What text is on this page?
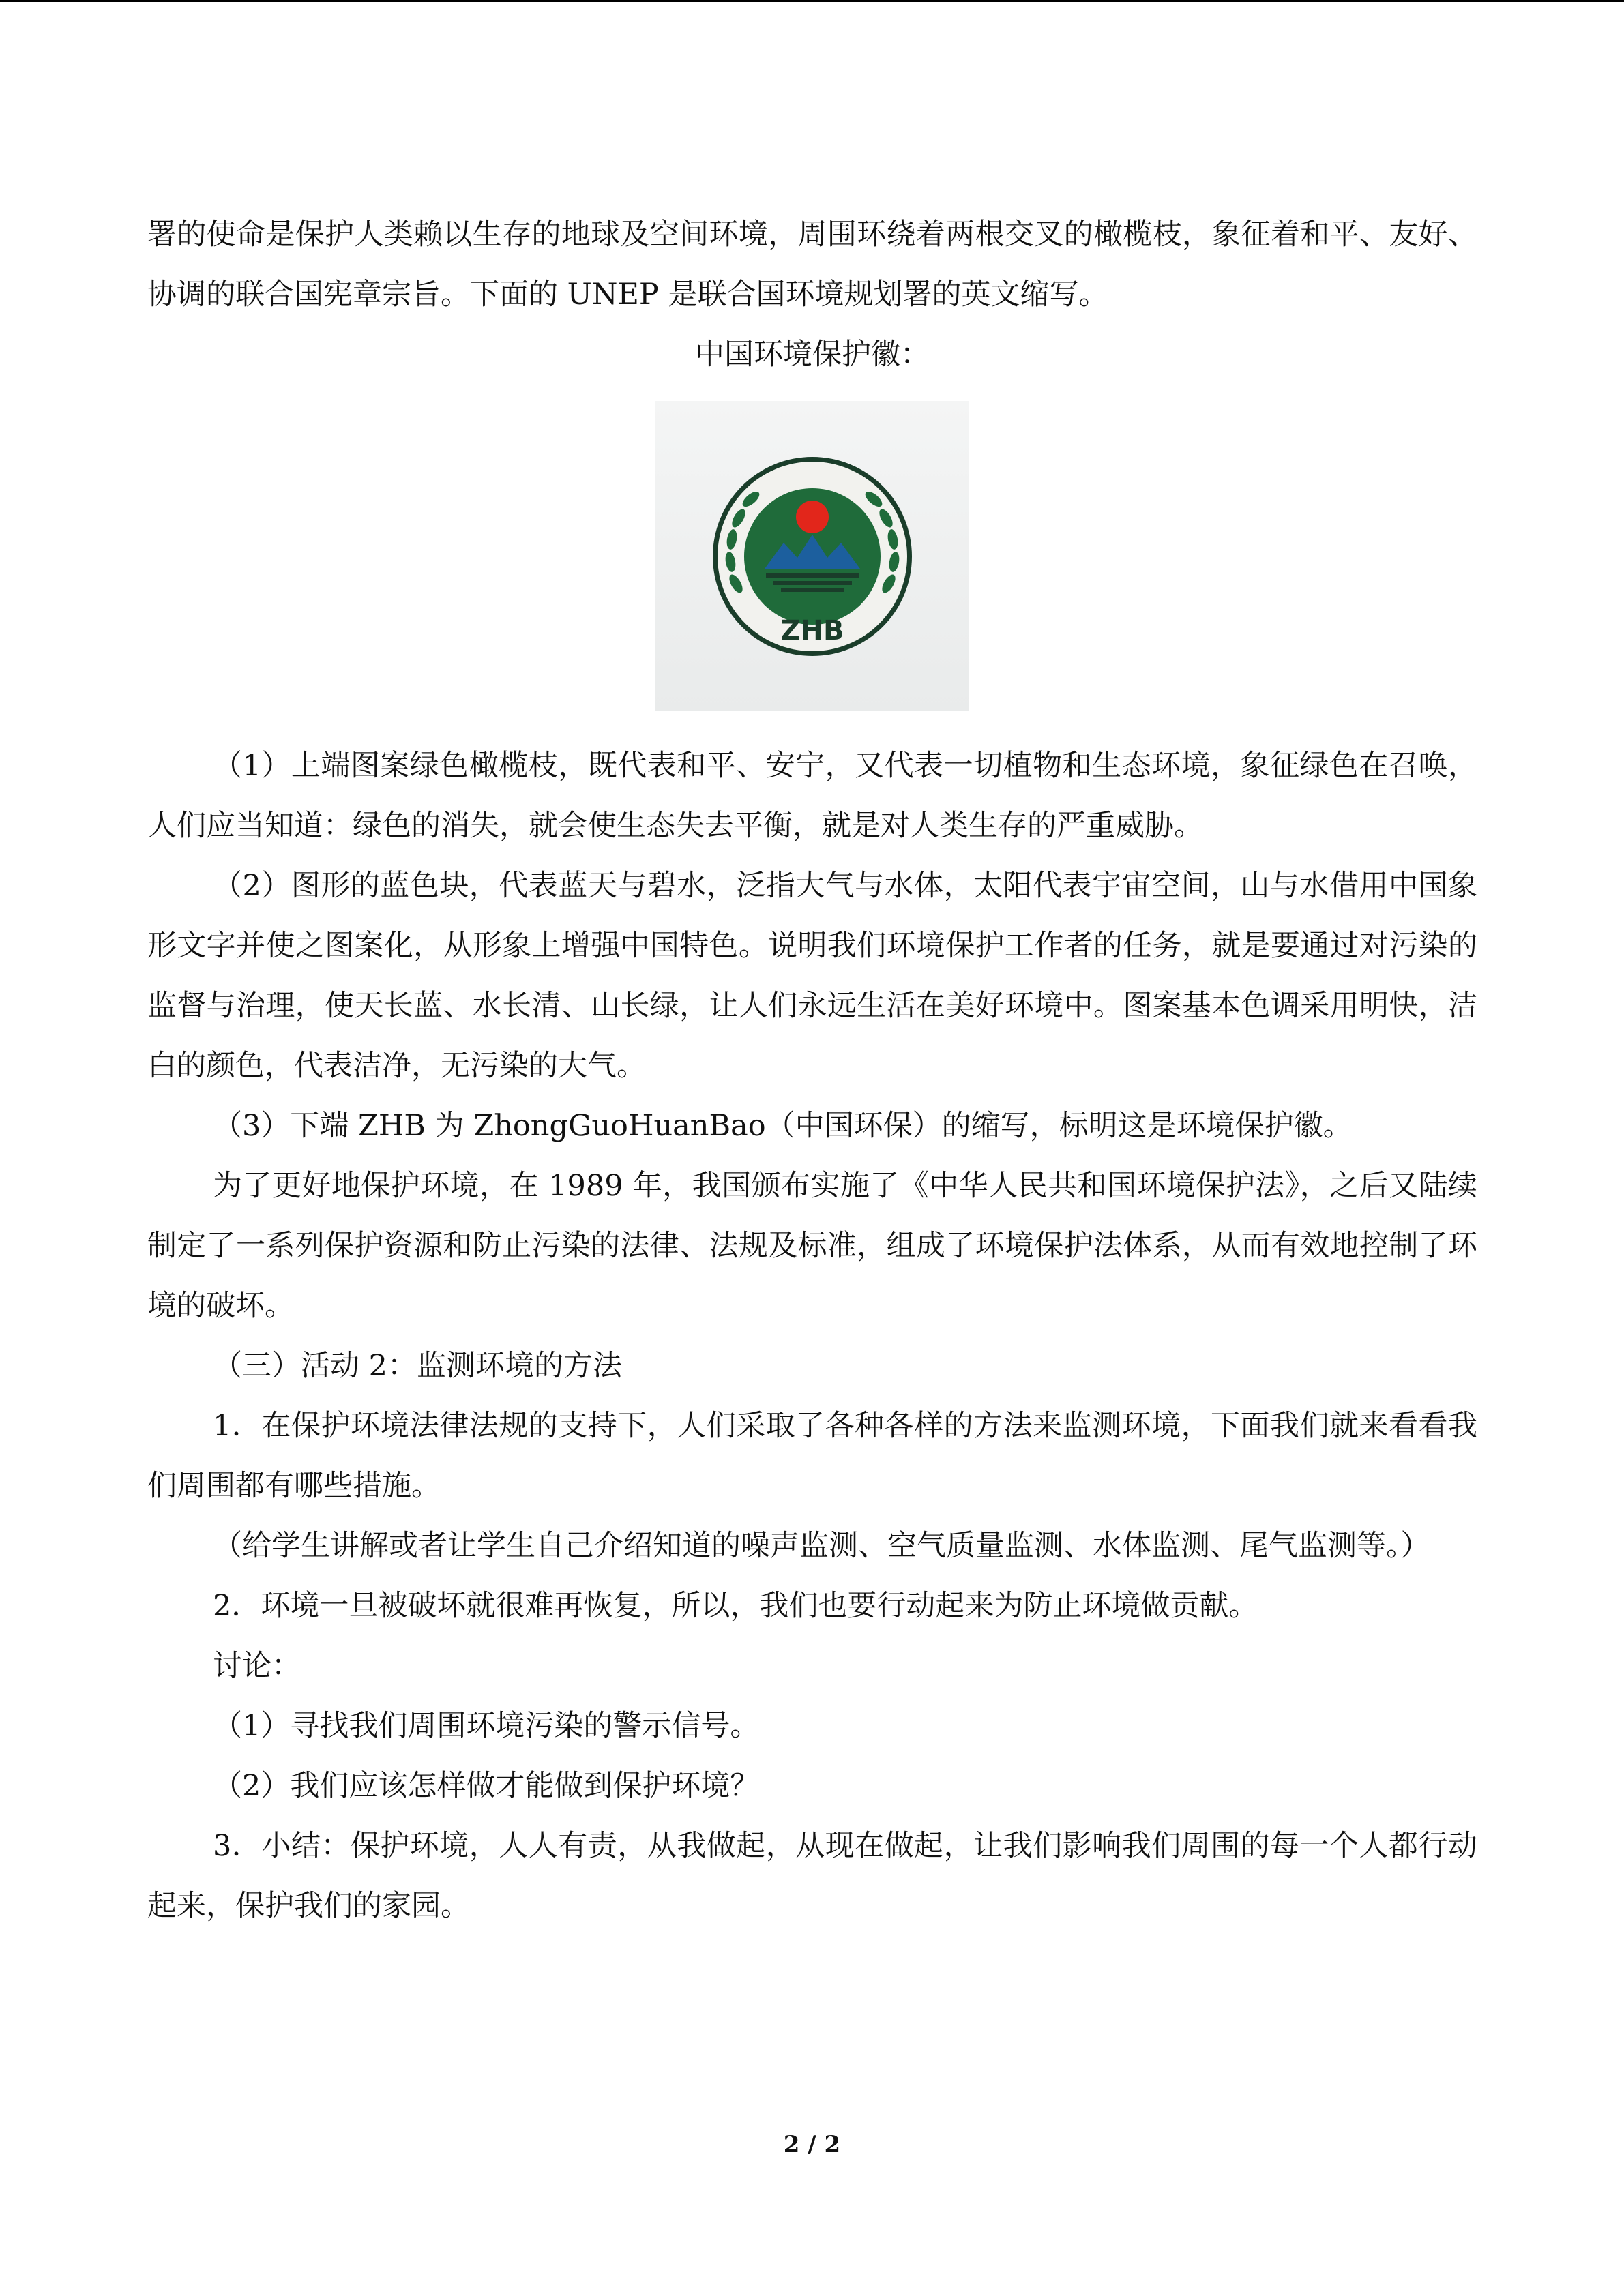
署的使命是保护人类赖以生存的地球及空间环境，周围环绕着两根交叉的橄榄枝，象征着和平、友好、协调的联合国宪章宗旨。下面的 UNEP 是联合国环境规划署的英文缩写。

中国环境保护徽：

ZHB

（1）上端图案绿色橄榄枝，既代表和平、安宁，又代表一切植物和生态环境，象征绿色在召唤，人们应当知道：绿色的消失，就会使生态失去平衡，就是对人类生存的严重威胁。

（2）图形的蓝色块，代表蓝天与碧水，泛指大气与水体，太阳代表宇宙空间，山与水借用中国象形文字并使之图案化，从形象上增强中国特色。说明我们环境保护工作者的任务，就是要通过对污染的监督与治理，使天长蓝、水长清、山长绿，让人们永远生活在美好环境中。图案基本色调采用明快，洁白的颜色，代表洁净，无污染的大气。

（3）下端 ZHB 为 ZhongGuoHuanBao（中国环保）的缩写，标明这是环境保护徽。

为了更好地保护环境，在 1989 年，我国颁布实施了《中华人民共和国环境保护法》，之后又陆续制定了一系列保护资源和防止污染的法律、法规及标准，组成了环境保护法体系，从而有效地控制了环境的破坏。

（三）活动 2：监测环境的方法

1．在保护环境法律法规的支持下，人们采取了各种各样的方法来监测环境，下面我们就来看看我们周围都有哪些措施。

（给学生讲解或者让学生自己介绍知道的噪声监测、空气质量监测、水体监测、尾气监测等。）

2．环境一旦被破坏就很难再恢复，所以，我们也要行动起来为防止环境做贡献。

讨论：

（1）寻找我们周围环境污染的警示信号。

（2）我们应该怎样做才能做到保护环境？

3．小结：保护环境，人人有责，从我做起，从现在做起，让我们影响我们周围的每一个人都行动起来，保护我们的家园。

2 / 2
